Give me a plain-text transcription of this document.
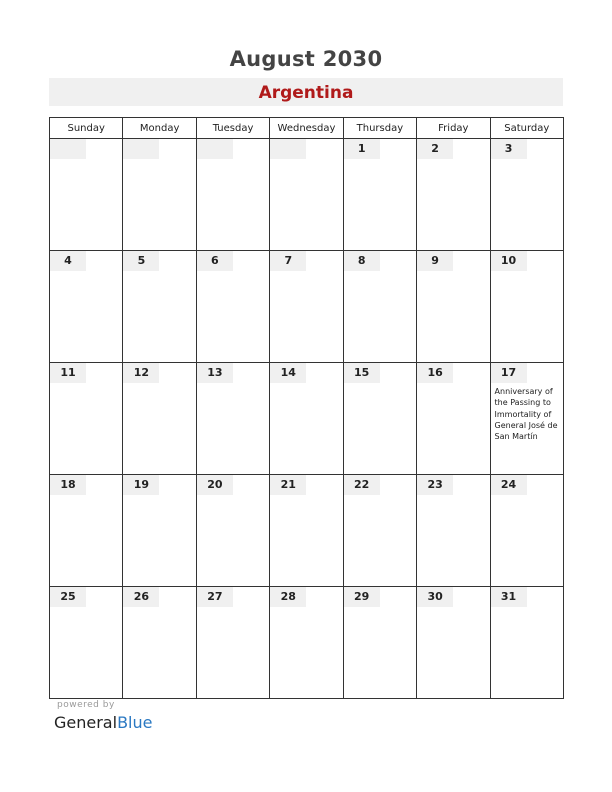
August 2030
Argentina
Sunday	Monday	Tuesday	Wednesday	Thursday	Friday	Saturday

				1	2	3

4	5	6	7	8	9	10

11	12	13	14	15	16	17
Anniversary of the Passing to Immortality of General José de San Martín

18	19	20	21	22	23	24

25	26	27	28	29	30	31
powered by
GeneralBlue
